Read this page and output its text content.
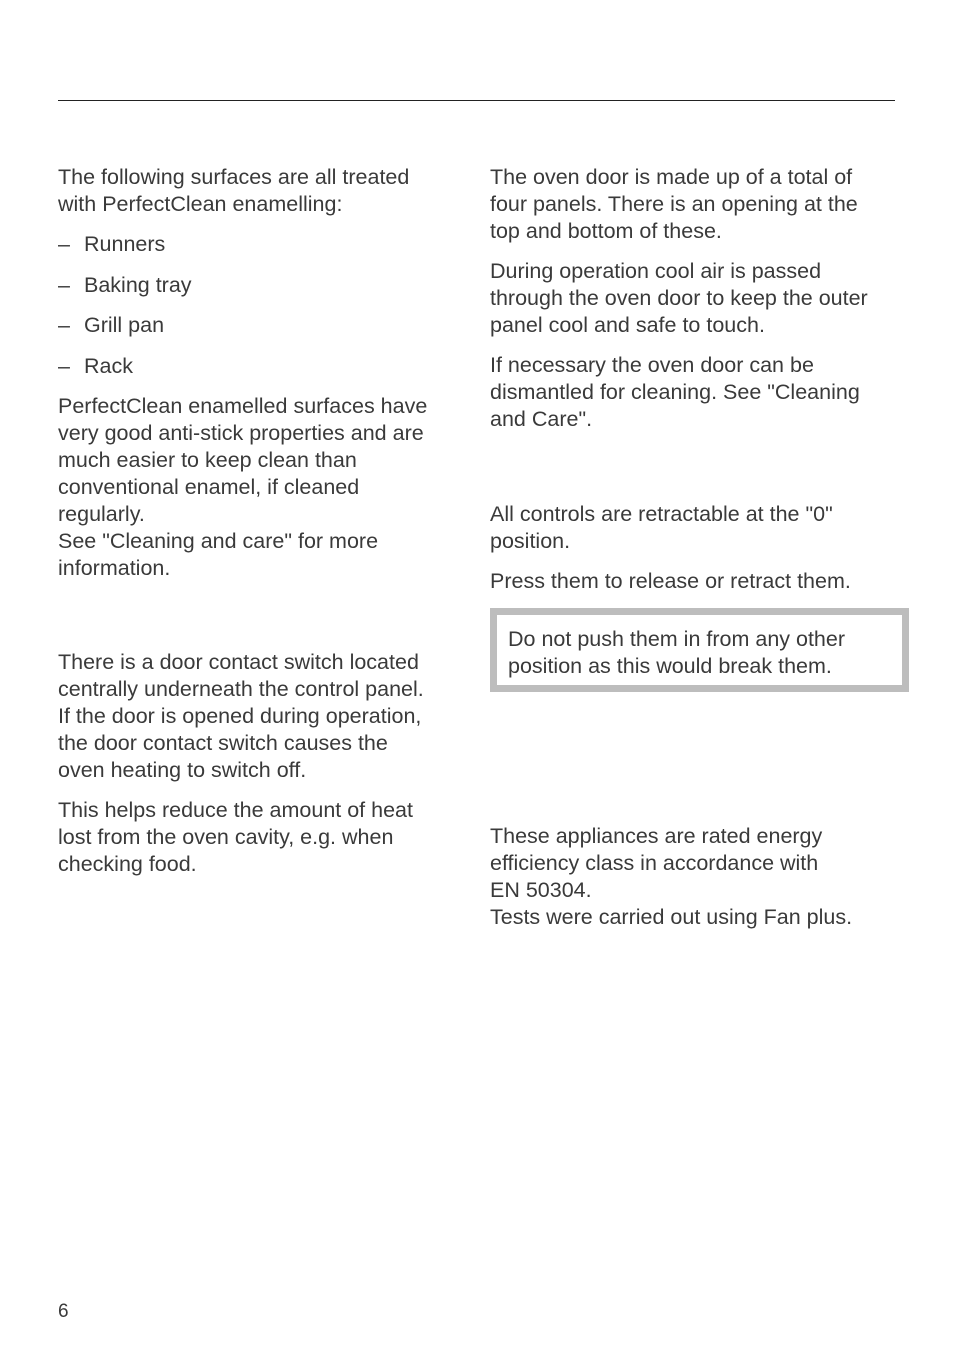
The following surfaces are all treated
with PerfectClean enamelling:

– Runners
– Baking tray
– Grill pan
– Rack

PerfectClean enamelled surfaces have
very good anti-stick properties and are
much easier to keep clean than
conventional enamel, if cleaned
regularly.
See "Cleaning and care" for more
information.

There is a door contact switch located
centrally underneath the control panel.
If the door is opened during operation,
the door contact switch causes the
oven heating to switch off.

This helps reduce the amount of heat
lost from the oven cavity, e.g. when
checking food.

The oven door is made up of a total of
four panels. There is an opening at the
top and bottom of these.

During operation cool air is passed
through the oven door to keep the outer
panel cool and safe to touch.

If necessary the oven door can be
dismantled for cleaning. See "Cleaning
and Care".

All controls are retractable at the "0"
position.

Press them to release or retract them.

Do not push them in from any other
position as this would break them.

These appliances are rated energy
efficiency class in accordance with
EN 50304.
Tests were carried out using Fan plus.

6
